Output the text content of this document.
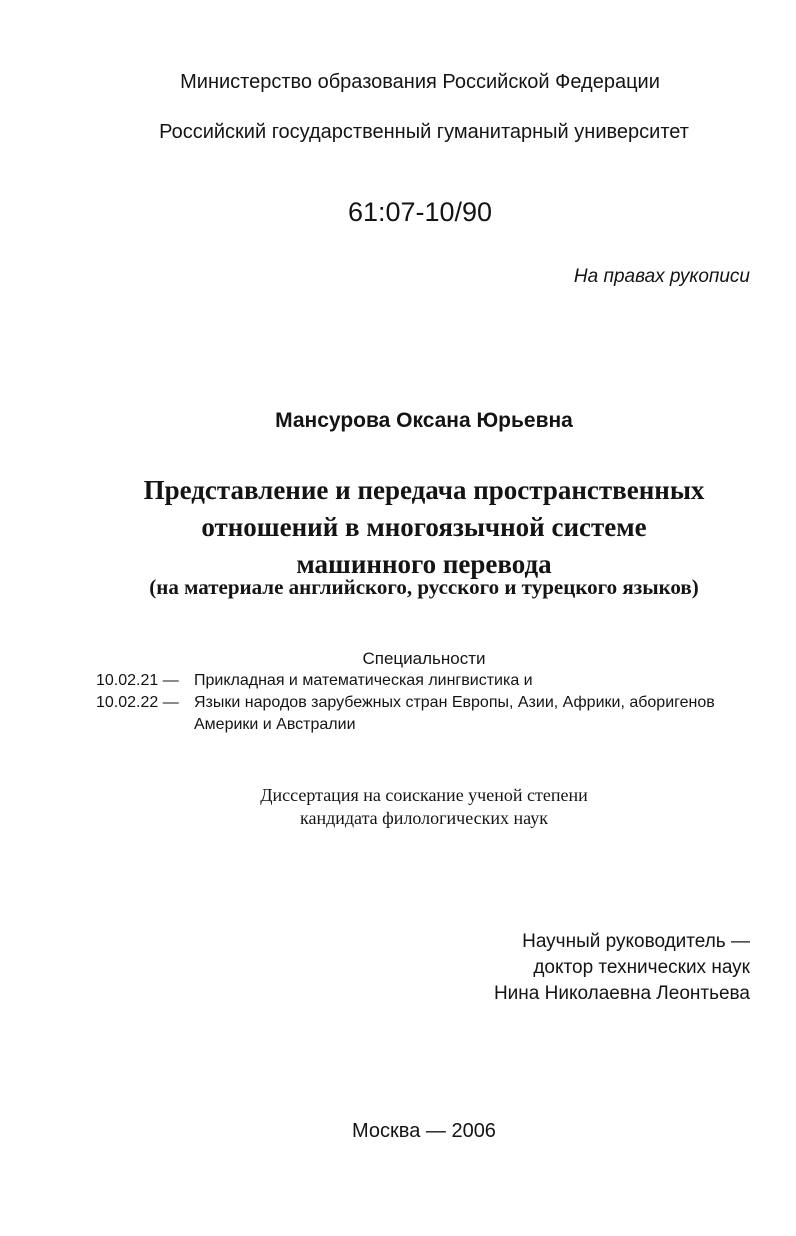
Министерство образования Российской Федерации
Российский государственный гуманитарный университет
61:07-10/90
На правах рукописи
Мансурова Оксана Юрьевна
Представление и передача пространственных
отношений в многоязычной системе
машинного перевода
(на материале английского, русского и турецкого языков)
Специальности
10.02.21 — Прикладная и математическая лингвистика и
10.02.22 — Языки народов зарубежных стран Европы, Азии, Африки, аборигенов
Америки и Австралии
Диссертация на соискание ученой степени
кандидата филологических наук
Научный руководитель —
доктор технических наук
Нина Николаевна Леонтьева
Москва — 2006
